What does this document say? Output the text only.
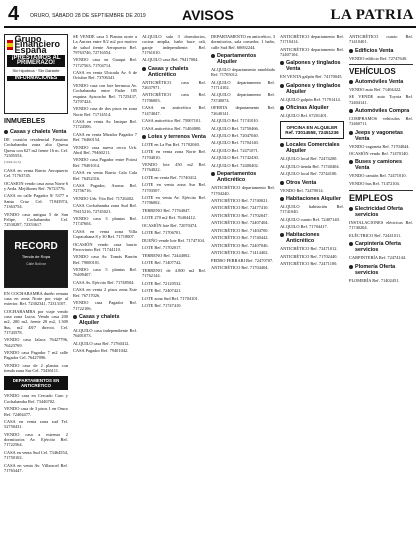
4 ORURO, SÁBADO 28 DE SEPTIEMBRE DE 2019	AVISOS	LA PATRIA
Grupo Financiero España
¡PRÉSTAMOS AL PRIMERAZO!
Sin hipoteca · Sin Garante
INFORMACIONES
INMUEBLES
Casas y chalets Venta

DE ocasión residencial Faustino Cochabamba zona alta Quesu Quesu con 627 m2 frente 16 m. Cel. 72305554.

(1019-2a-5)

CASA en venta Barrio Aeropuerto Cel. 71763745.

OCASION vendo casa zona Norte 6 y Avda. Mejillones Ref. 76723776.

CASA en calle Pagador 8/ 5377 a Santa Cruz Cel. 71943974, 71363754.

VENDO casa antigua 5 de San Felipe, Cochabamba Cel. 72530287, 72353617.

RECORD
Tienda de Ropa
Calle Bolívar

EN COCHABAMBA dueño remata casa en zona Norte por viaje al exterior. Ref. 72302341, 72313107.

COCHABAMBA por viaje vendo casa zona Lucia. Vendo casa 200 m2, 200 m2, frente 20 m2, 1.300 $us, m2 48/7 directo. Cel. 71743578.

VENDO casa Jalaca 76427796, 76423769.

VENDO casa Pagador 7 m2 calle Pagador Cel. 76427096.

VENDO casa de 2 plantas con tienda zona Sur Cel. 73436111.

DEPARTAMENTOS EN ANTICRÉTICO

VENDO casa en Cercado Caro y Cochabamba Ref. 73446702.

VENDO casa de 3 pisos 1 en Oruro Ref. 72404477.

CASA en venta zona sud Tel. 52750431.

VENDO casa a estrenar 2 dormitorios Av. Ejército Ref. 71722564.

CASA en venta Sud Cel. 73464554, 71750102.

CASA en venta Av. Villarroel Ref. 71763447.

SE VENDE casa 5 Plantas norte a La Aurora entre 8/2 m2 por motivo de salud frente Aeropuerto Ref. 79763746, 72716554.

VENDO casa en Guaqui Ref. 71727563, 71704714.

CASA en venta Ubicada Av. 6 de Octubre Ref. 73706341.

VENDO casa con lote hermosa Av. Cochabamba entre Padre 185 esquina Ayacucho Ref. 71725437, 72707424.

VENDO casa de dos pisos en zona Norte Ref. 71714514.

CASA en venta Av. Iznique Ref. 71724506.

CASA en venta Mirador Pagador 7 Ref. 76460154.

VENDO casa nueva cerca Urb. Abril Ref. 79460211.

VENDO casa Pagador entre Potosí Ref. 79401014.

CASA en venta Barrio Cala Cala Ref. 76452316.

CASA Pagador, Aroma Ref. 72756716.

VENDO Urb. Vito Ref. 71726402.

CASA Cochabamba zona Sud Ref. 79415216, 72745021.

VENDO casa 3 plantas Ref. 71747604.

CASA en venta zona Villa Copacabana 8 y 30 Ref. 71718007.

OCASIÓN vendo casa barrio Ferroviario Ref. 71744110.

VENDO casa Av. Tomás Barrón Ref. 79000101.

VENDO casa 5 plantas Ref. 76409407.

CASA Av. Ejército Ref. 71748504.

CASA en venta 2 pisos zona Este Ref. 76717026.

VENDO casa Pagador Ref. 71722106.

Casas y chalets Alquiler

ALQUILO casa independiente Ref. 76401073.

ALQUILO casa Ref. 71760412.

CASA Pagador Ref. 79401042.

ALQUILO sala 3 dormitorios, cocina amplia, baño hace cali, garaje independiente. Ref. 71761010.

ALQUILO casa Ref. 79417004.

Casas y chalets Anticrético

ANTICRÉTICO casa Ref. 72637971.

ANTICRÉTICO casa Ref. 71706003.

CASA en anticrético Ref. 71474047.

CASA anticrético Ref. 75007101.

CASA anticrético Ref. 71404000.

Lotes y terrenos Venta

LOTE en La Paz Ref. 71702040.

LOTE en venta zona Norte Ref. 71704010.

VENDO lote 450 m2 Ref. 71764022.

LOTE en venta Ref. 71740412.

LOTE en venta zona Sur Ref. 71703507.

LOTE en venta Av. Ejército Ref. 71706002.

TERRENO Ref. 71764047.

LOTE 270 m2 Ref. 76404412.

OCASIÓN lote Ref. 72070474.

LOTE Ref. 71706701.

DUEÑO vende lote Ref. 71747104.

LOTE Ref. 71702017.

TERRENO Ref. 72444002.

LOTE Ref. 71407742.

TERRENO de 4.000 m2 Ref. 71762144.

LOTE Ref. 72120532.

LOTE Ref. 72407421.

LOTE zona Sud Ref. 71704101.

LOTE Ref. 71747410.

DEPARTAMENTO en anticrético, 3 dormitorios, sala comedor, 1 baño, calle Sud Ref. 60692244.

Departamentos Alquiler

ALQUILO departamento amoblado Ref. 71705012.

ALQUILO departamento Ref. 71714102.

ALQUILO departamento Ref. 73740074.

OFERTA departamento Ref. 72640141.

ALQUILO Ref. 71741010.

ALQUILO Ref. 72750466.

ALQUILO Ref. 72047040.

ALQUILO Ref. 71704140.

ALQUILO Ref. 72471071.

ALQUILO Ref. 71742430.

ALQUILO Ref. 72400402.

Departamentos Anticrético

ANTICRÉTICO departamento Ref. 71704240.

ANTICRÉTICO Ref. 71740021.

ANTICRÉTICO Ref. 72477410.

ANTICRÉTICO Ref. 71702047.

ANTICRÉTICO Ref. 72407404.

ANTICRÉTICO Ref. 71404700.

ANTICRÉTICO Ref. 71740442.

ANTICRÉTICO Ref. 72407046.

ANTICRÉTICO Ref. 71414402.

PEDRO FERRARI Ref. 72470707.

ANTICRÉTICO Ref. 71704404.

ANTICRÉTICO departamento Ref. 71710414.

ANTICRÉTICO departamento Ref. 72407104.

Galpones y tinglados Venta

EN VENTA galpón Ref. 74170045.

Galpones y tinglados Alquiler

ALQUILO galpón Ref. 71701414.

Oficinas Alquiler

ALQUILO Ref. 67201401.

OFICINA EN ALQUILER Ref. 73014558, 72451236
Locales Comerciales Alquiler

ALQUILO local Ref. 72474200.

ALQUILO tienda Ref. 71740404.

ALQUILO local Ref. 72744100.

Otros Venta

VENDO Ref. 72470014.

Habitaciones Alquiler

ALQUILO habitación Ref. 71741040.

ALQUILO cuarto Ref. 72407140.

ALQUILO Ref. 71704417.

Habitaciones Anticrético

ANTICRÉTICO Ref. 72471012.

ANTICRÉTICO Ref. 71702440.

ANTICRÉTICO Ref. 72471100.

ANTICRÉTICO cuarto Ref. 71410401.

Edificios Venta

VENDO edificio Ref. 72747640.

VEHÍCULOS
Automóviles Venta

VENDO auto Ref. 71404422.

SE VENDE auto Toyota Ref. 72404141.

Automóviles Compra

COMPRAMOS vehículos Ref. 72460711.

Jeeps y vagonetas Venta

VENDO vagoneta Ref. 71704044.

OCASIÓN vendo Ref. 71470140.

Buses y camiones Venta

VENDO camión Ref. 72471010.

VENDO bus Ref. 71472104.

EMPLEOS
Electricidad Oferta servicios

INSTALACIONES eléctricas Ref. 71740204.

ELÉCTRICO Ref. 72441011.

Carpintería Oferta servicios

CARPINTERÍA Ref. 72474144.

Plomería Oferta servicios

PLOMERÍA Ref. 71402451.
